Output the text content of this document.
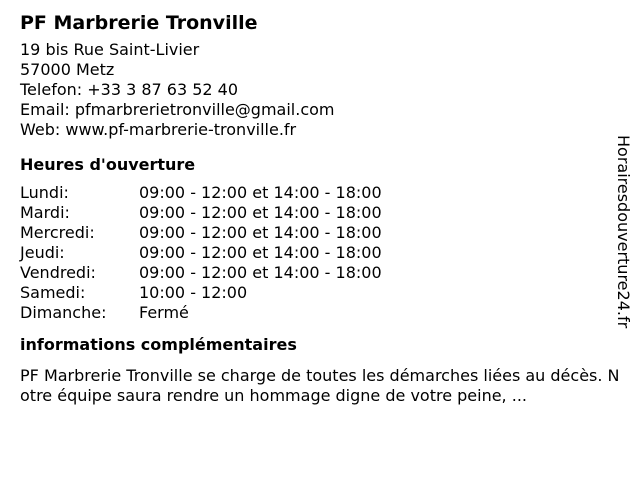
PF Marbrerie Tronville
19 bis Rue Saint-Livier
57000 Metz
Telefon: +33 3 87 63 52 40
Email: pfmarbrerietronville@gmail.com
Web: www.pf-marbrerie-tronville.fr
Heures d'ouverture
Lundi:	09:00 - 12:00 et 14:00 - 18:00
Mardi:	09:00 - 12:00 et 14:00 - 18:00
Mercredi:	09:00 - 12:00 et 14:00 - 18:00
Jeudi:	09:00 - 12:00 et 14:00 - 18:00
Vendredi:	09:00 - 12:00 et 14:00 - 18:00
Samedi:	10:00 - 12:00
Dimanche: Fermé
informations complémentaires
PF Marbrerie Tronville se charge de toutes les démarches liées au décès. Notre équipe saura rendre un hommage digne de votre peine, ...
Horairesdouverture24.fr
